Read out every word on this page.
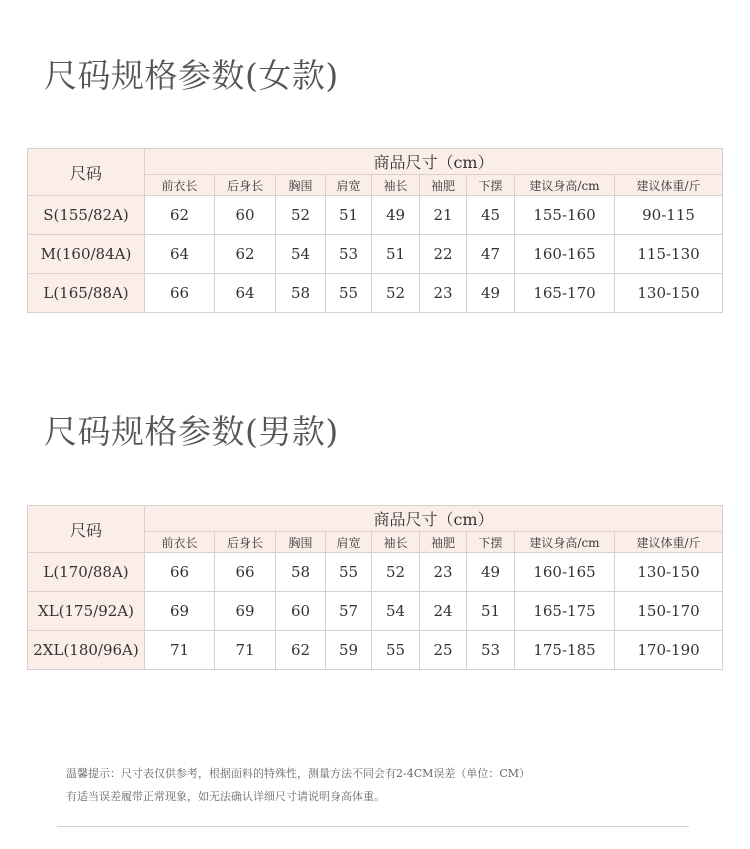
尺码规格参数(女款)
尺码	商品尺寸（cm）								
	前衣长	后身长	胸围	肩宽	袖长	袖肥	下摆	建议身高/cm	建议体重/斤
S(155/82A)	62	60	52	51	49	21	45	155-160	90-115
M(160/84A)	64	62	54	53	51	22	47	160-165	115-130
L(165/88A)	66	64	58	55	52	23	49	165-170	130-150
尺码规格参数(男款)
尺码	商品尺寸（cm）								
	前衣长	后身长	胸围	肩宽	袖长	袖肥	下摆	建议身高/cm	建议体重/斤
L(170/88A)	66	66	58	55	52	23	49	160-165	130-150
XL(175/92A)	69	69	60	57	54	24	51	165-175	150-170
2XL(180/96A)	71	71	62	59	55	25	53	175-185	170-190
温馨提示：尺寸表仅供参考，根据面料的特殊性，测量方法不同会有2-4CM误差（单位：CM）
有适当误差履带正常现象，如无法确认详细尺寸请说明身高体重。
